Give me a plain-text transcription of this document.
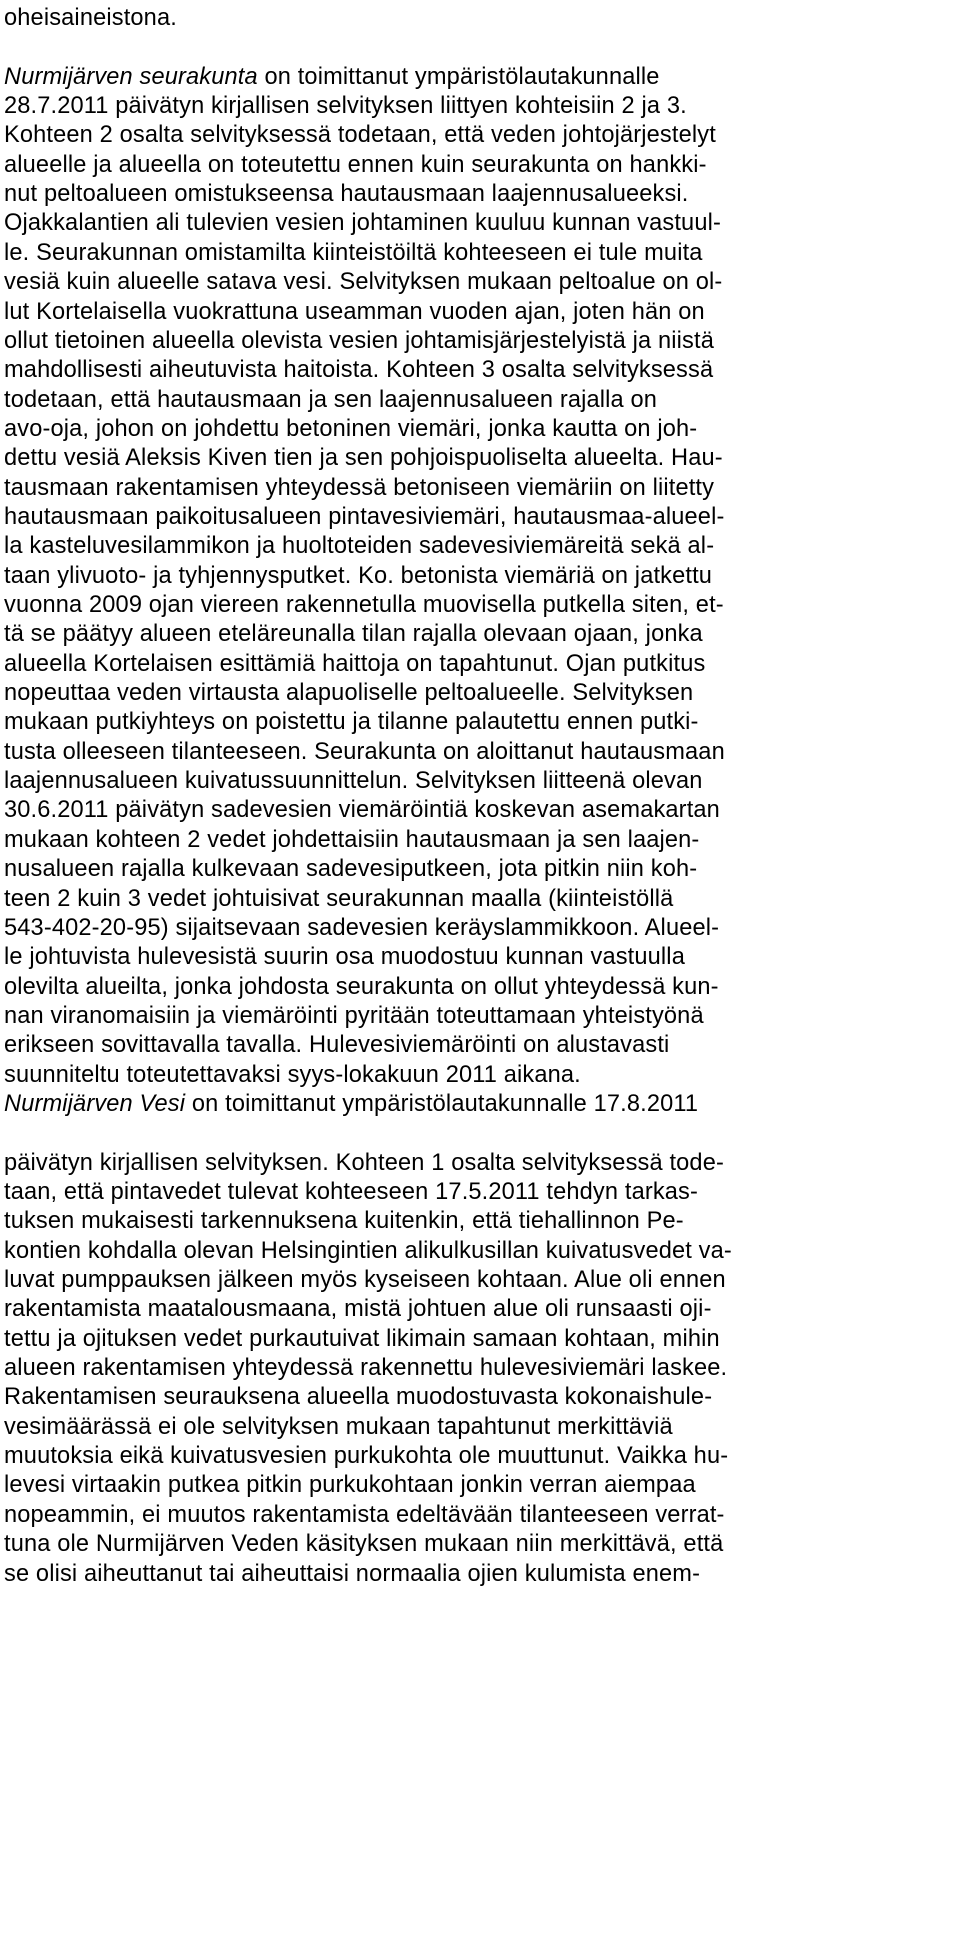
oheisaineistona.
Nurmijärven seurakunta on toimittanut ympäristölautakunnalle
28.7.2011 päivätyn kirjallisen selvityksen liittyen kohteisiin 2 ja 3.
Kohteen 2 osalta selvityksessä todetaan, että veden johtojärjestelyt
alueelle ja alueella on toteutettu ennen kuin seurakunta on hankki-
nut peltoalueen omistukseensa hautausmaan laajennusalueeksi.
Ojakkalantien ali tulevien vesien johtaminen kuuluu kunnan vastuul-
le. Seurakunnan omistamilta kiinteistöiltä kohteeseen ei tule muita
vesiä kuin alueelle satava vesi. Selvityksen mukaan peltoalue on ol-
lut Kortelaisella vuokrattuna useamman vuoden ajan, joten hän on
ollut tietoinen alueella olevista vesien johtamisjärjestelyistä ja niistä
mahdollisesti aiheutuvista haitoista. Kohteen 3 osalta selvityksessä
todetaan, että hautausmaan ja sen laajennusalueen rajalla on
avo-oja, johon on johdettu betoninen viemäri, jonka kautta on joh-
dettu vesiä Aleksis Kiven tien ja sen pohjoispuoliselta alueelta. Hau-
tausmaan rakentamisen yhteydessä betoniseen viemäriin on liitetty
hautausmaan paikoitusalueen pintavesiviemäri, hautausmaa-alueel-
la kasteluvesilammikon ja huoltoteiden sadevesiviemäreitä sekä al-
taan ylivuoto- ja tyhjennysputket. Ko. betonista viemäriä on jatkettu
vuonna 2009 ojan viereen rakennetulla muovisella putkella siten, et-
tä se päätyy alueen eteläreunalla tilan rajalla olevaan ojaan, jonka
alueella Kortelaisen esittämiä haittoja on tapahtunut. Ojan putkitus
nopeuttaa veden virtausta alapuoliselle peltoalueelle. Selvityksen
mukaan putkiyhteys on poistettu ja tilanne palautettu ennen putki-
tusta olleeseen tilanteeseen. Seurakunta on aloittanut hautausmaan
laajennusalueen kuivatussuunnittelun. Selvityksen liitteenä olevan
30.6.2011 päivätyn sadevesien viemäröintiä koskevan asemakartan
mukaan kohteen 2 vedet johdettaisiin hautausmaan ja sen laajen-
nusalueen rajalla kulkevaan sadevesiputkeen, jota pitkin niin koh-
teen 2 kuin 3 vedet johtuisivat seurakunnan maalla (kiinteistöllä
543-402-20-95) sijaitsevaan sadevesien keräyslammikkoon. Alueel-
le johtuvista hulevesistä suurin osa muodostuu kunnan vastuulla
olevilta alueilta, jonka johdosta seurakunta on ollut yhteydessä kun-
nan viranomaisiin ja viemäröinti pyritään toteuttamaan yhteistyönä
erikseen sovittavalla tavalla. Hulevesiviemäröinti on alustavasti
suunniteltu toteutettavaksi syys-lokakuun 2011 aikana.
Nurmijärven Vesi on toimittanut ympäristölautakunnalle 17.8.2011
päivätyn kirjallisen selvityksen. Kohteen 1 osalta selvityksessä tode-
taan, että pintavedet tulevat kohteeseen 17.5.2011 tehdyn tarkas-
tuksen mukaisesti tarkennuksena kuitenkin, että tiehallinnon Pe-
kontien kohdalla olevan Helsingintien alikulkusillan kuivatusvedet va-
luvat pumppauksen jälkeen myös kyseiseen kohtaan. Alue oli ennen
rakentamista maatalousmaana, mistä johtuen alue oli runsaasti oji-
tettu ja ojituksen vedet purkautuivat likimain samaan kohtaan, mihin
alueen rakentamisen yhteydessä rakennettu hulevesiviemäri laskee.
Rakentamisen seurauksena alueella muodostuvasta kokonaishule-
vesimäärässä ei ole selvityksen mukaan tapahtunut merkittäviä
muutoksia eikä kuivatusvesien purkukohta ole muuttunut. Vaikka hu-
levesi virtaakin putkea pitkin purkukohtaan jonkin verran aiempaa
nopeammin, ei muutos rakentamista edeltävään tilanteeseen verrat-
tuna ole Nurmijärven Veden käsityksen mukaan niin merkittävä, että
se olisi aiheuttanut tai aiheuttaisi normaalia ojien kulumista enem-
